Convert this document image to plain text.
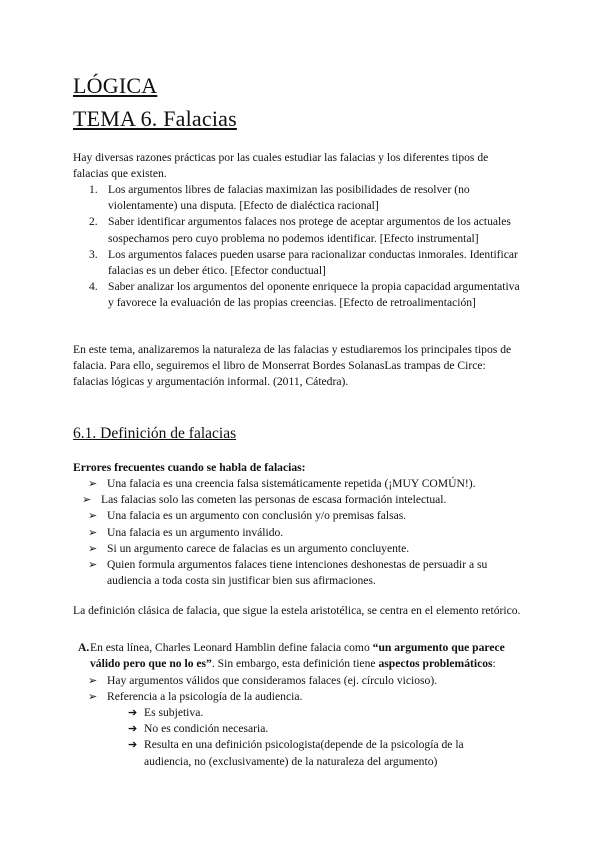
LÓGICA
TEMA 6. Falacias
Hay diversas razones prácticas por las cuales estudiar las falacias y los diferentes tipos de falacias que existen.
1. Los argumentos libres de falacias maximizan las posibilidades de resolver (no violentamente) una disputa. [Efecto de dialéctica racional]
2. Saber identificar argumentos falaces nos protege de aceptar argumentos de los actuales sospechamos pero cuyo problema no podemos identificar. [Efecto instrumental]
3. Los argumentos falaces pueden usarse para racionalizar conductas inmorales. Identificar falacias es un deber ético. [Efector conductual]
4. Saber analizar los argumentos del oponente enriquece la propia capacidad argumentativa y favorece la evaluación de las propias creencias. [Efecto de retroalimentación]
En este tema, analizaremos la naturaleza de las falacias y estudiaremos los principales tipos de falacia. Para ello, seguiremos el libro de Monserrat Bordes SolanasLas trampas de Circe: falacias lógicas y argumentación informal. (2011, Cátedra).
6.1. Definición de falacias
Errores frecuentes cuando se habla de falacias:
➢ Una falacia es una creencia falsa sistemáticamente repetida (¡MUY COMÚN!).
➢ Las falacias solo las cometen las personas de escasa formación intelectual.
➢ Una falacia es un argumento con conclusión y/o premisas falsas.
➢ Una falacia es un argumento inválido.
➢ Si un argumento carece de falacias es un argumento concluyente.
➢ Quien formula argumentos falaces tiene intenciones deshonestas de persuadir a su audiencia a toda costa sin justificar bien sus afirmaciones.
La definición clásica de falacia, que sigue la estela aristotélica, se centra en el elemento retórico.
A. En esta línea, Charles Leonard Hamblin define falacia como “un argumento que parece válido pero que no lo es”. Sin embargo, esta definición tiene aspectos problemáticos:
➢ Hay argumentos válidos que consideramos falaces (ej. círculo vicioso).
➢ Referencia a la psicología de la audiencia.
➔ Es subjetiva.
➔ No es condición necesaria.
➔ Resulta en una definición psicologista(depende de la psicología de la audiencia, no (exclusivamente) de la naturaleza del argumento)
